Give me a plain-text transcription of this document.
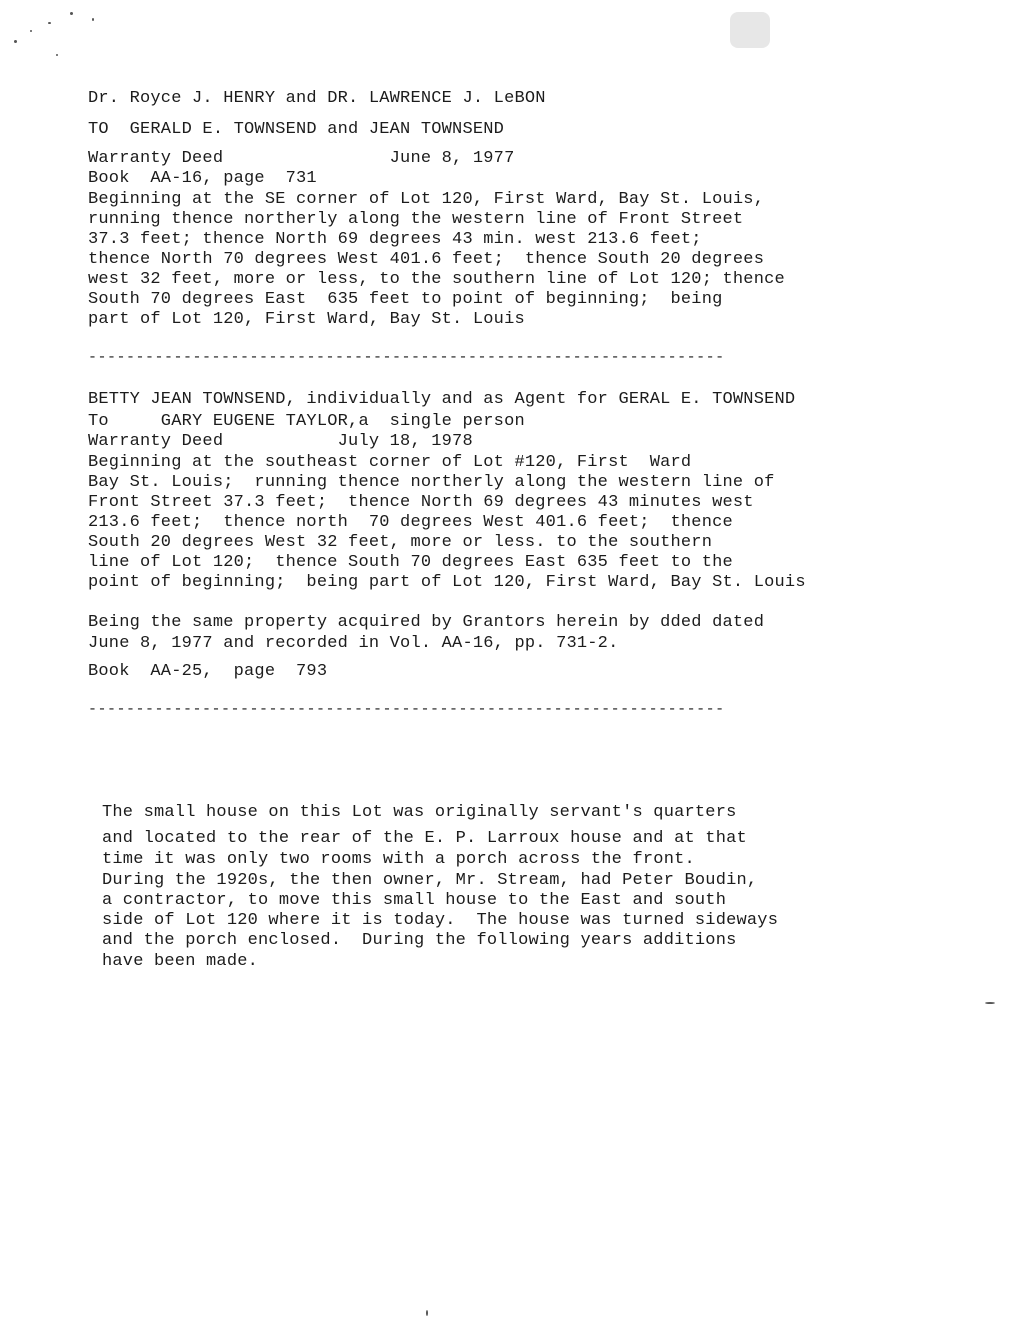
Dr. Royce J. HENRY and DR. LAWRENCE J. LeBON
TO  GERALD E. TOWNSEND and JEAN TOWNSEND
Warranty Deed                June 8, 1977
Book  AA-16, page  731
Beginning at the SE corner of Lot 120, First Ward, Bay St. Louis,
running thence northerly along the western line of Front Street
37.3 feet; thence North 69 degrees 43 min. west 213.6 feet;
thence North 70 degrees West 401.6 feet;  thence South 20 degrees
west 32 feet, more or less, to the southern line of Lot 120; thence
South 70 degrees East  635 feet to point of beginning;  being
part of Lot 120, First Ward, Bay St. Louis
-------------------------------------------------------------------
BETTY JEAN TOWNSEND, individually and as Agent for GERAL E. TOWNSEND
To     GARY EUGENE TAYLOR,a  single person
Warranty Deed           July 18, 1978
Beginning at the southeast corner of Lot #120, First  Ward
Bay St. Louis;  running thence northerly along the western line of
Front Street 37.3 feet;  thence North 69 degrees 43 minutes west
213.6 feet;  thence north  70 degrees West 401.6 feet;  thence
South 20 degrees West 32 feet, more or less. to the southern
line of Lot 120;  thence South 70 degrees East 635 feet to the
point of beginning;  being part of Lot 120, First Ward, Bay St. Louis
Being the same property acquired by Grantors herein by dded dated
June 8, 1977 and recorded in Vol. AA-16, pp. 731-2.
Book  AA-25,  page  793
-------------------------------------------------------------------
The small house on this Lot was originally servant's quarters
and located to the rear of the E. P. Larroux house and at that
time it was only two rooms with a porch across the front.
During the 1920s, the then owner, Mr. Stream, had Peter Boudin,
a contractor, to move this small house to the East and south
side of Lot 120 where it is today.  The house was turned sideways
and the porch enclosed.  During the following years additions
have been made.
